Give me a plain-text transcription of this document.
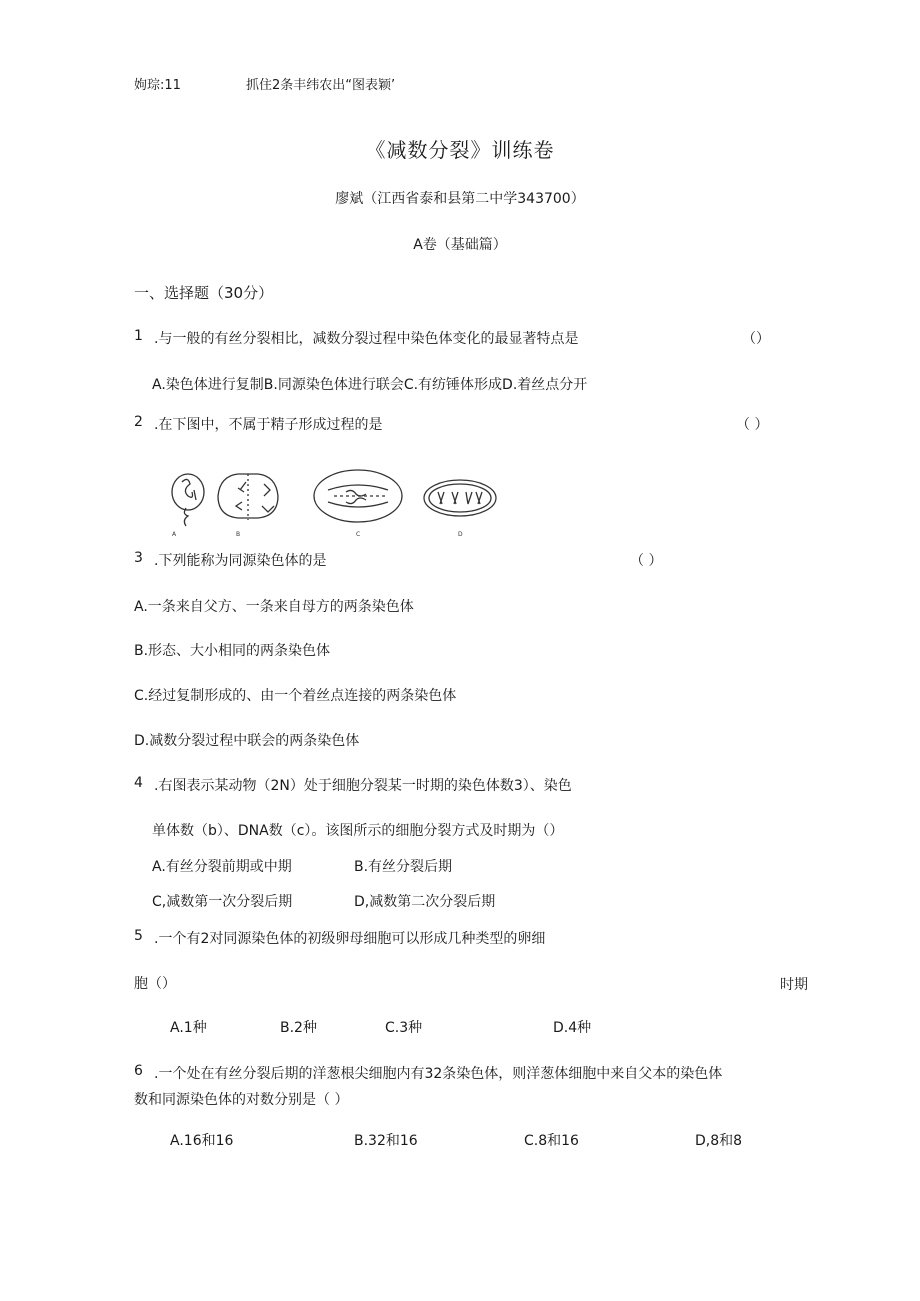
姁琮:11	抓住2条丰纬农出“图表颖’
《减数分裂》训练卷
廖斌（江西省泰和县第二中学343700）
A卷（基础篇）
一、选择题（30分）
1 .与一般的有丝分裂相比，减数分裂过程中染色体变化的最显著特点是	（）
A.染色体进行复制B.同源染色体进行联会C.有纺锤体形成D.着丝点分开
2 .在下图中，不属于精子形成过程的是	（ ）
A	B	C	D
3 .下列能称为同源染色体的是	（ ）
A.一条来自父方、一条来自母方的两条染色体
B.形态、大小相同的两条染色体
C.经过复制形成的、由一个着丝点连接的两条染色体
D.减数分裂过程中联会的两条染色体
4 .右图表示某动物（2N）处于细胞分裂某一时期的染色体数3）、染色
单体数（b）、DNA数（c）。该图所示的细胞分裂方式及时期为（）
A.有丝分裂前期或中期	B.有丝分裂后期
C,减数第一次分裂后期	D,减数第二次分裂后期
5 .一个有2对同源染色体的初级卵母细胞可以形成几种类型的卵细
胞（）	时期
A.1种	B.2种	C.3种	D.4种
6 .一个处在有丝分裂后期的洋葱根尖细胞内有32条染色体，则洋葱体细胞中来自父本的染色体
数和同源染色体的对数分别是（ ）
A.16和16	B.32和16	C.8和16	D,8和8
